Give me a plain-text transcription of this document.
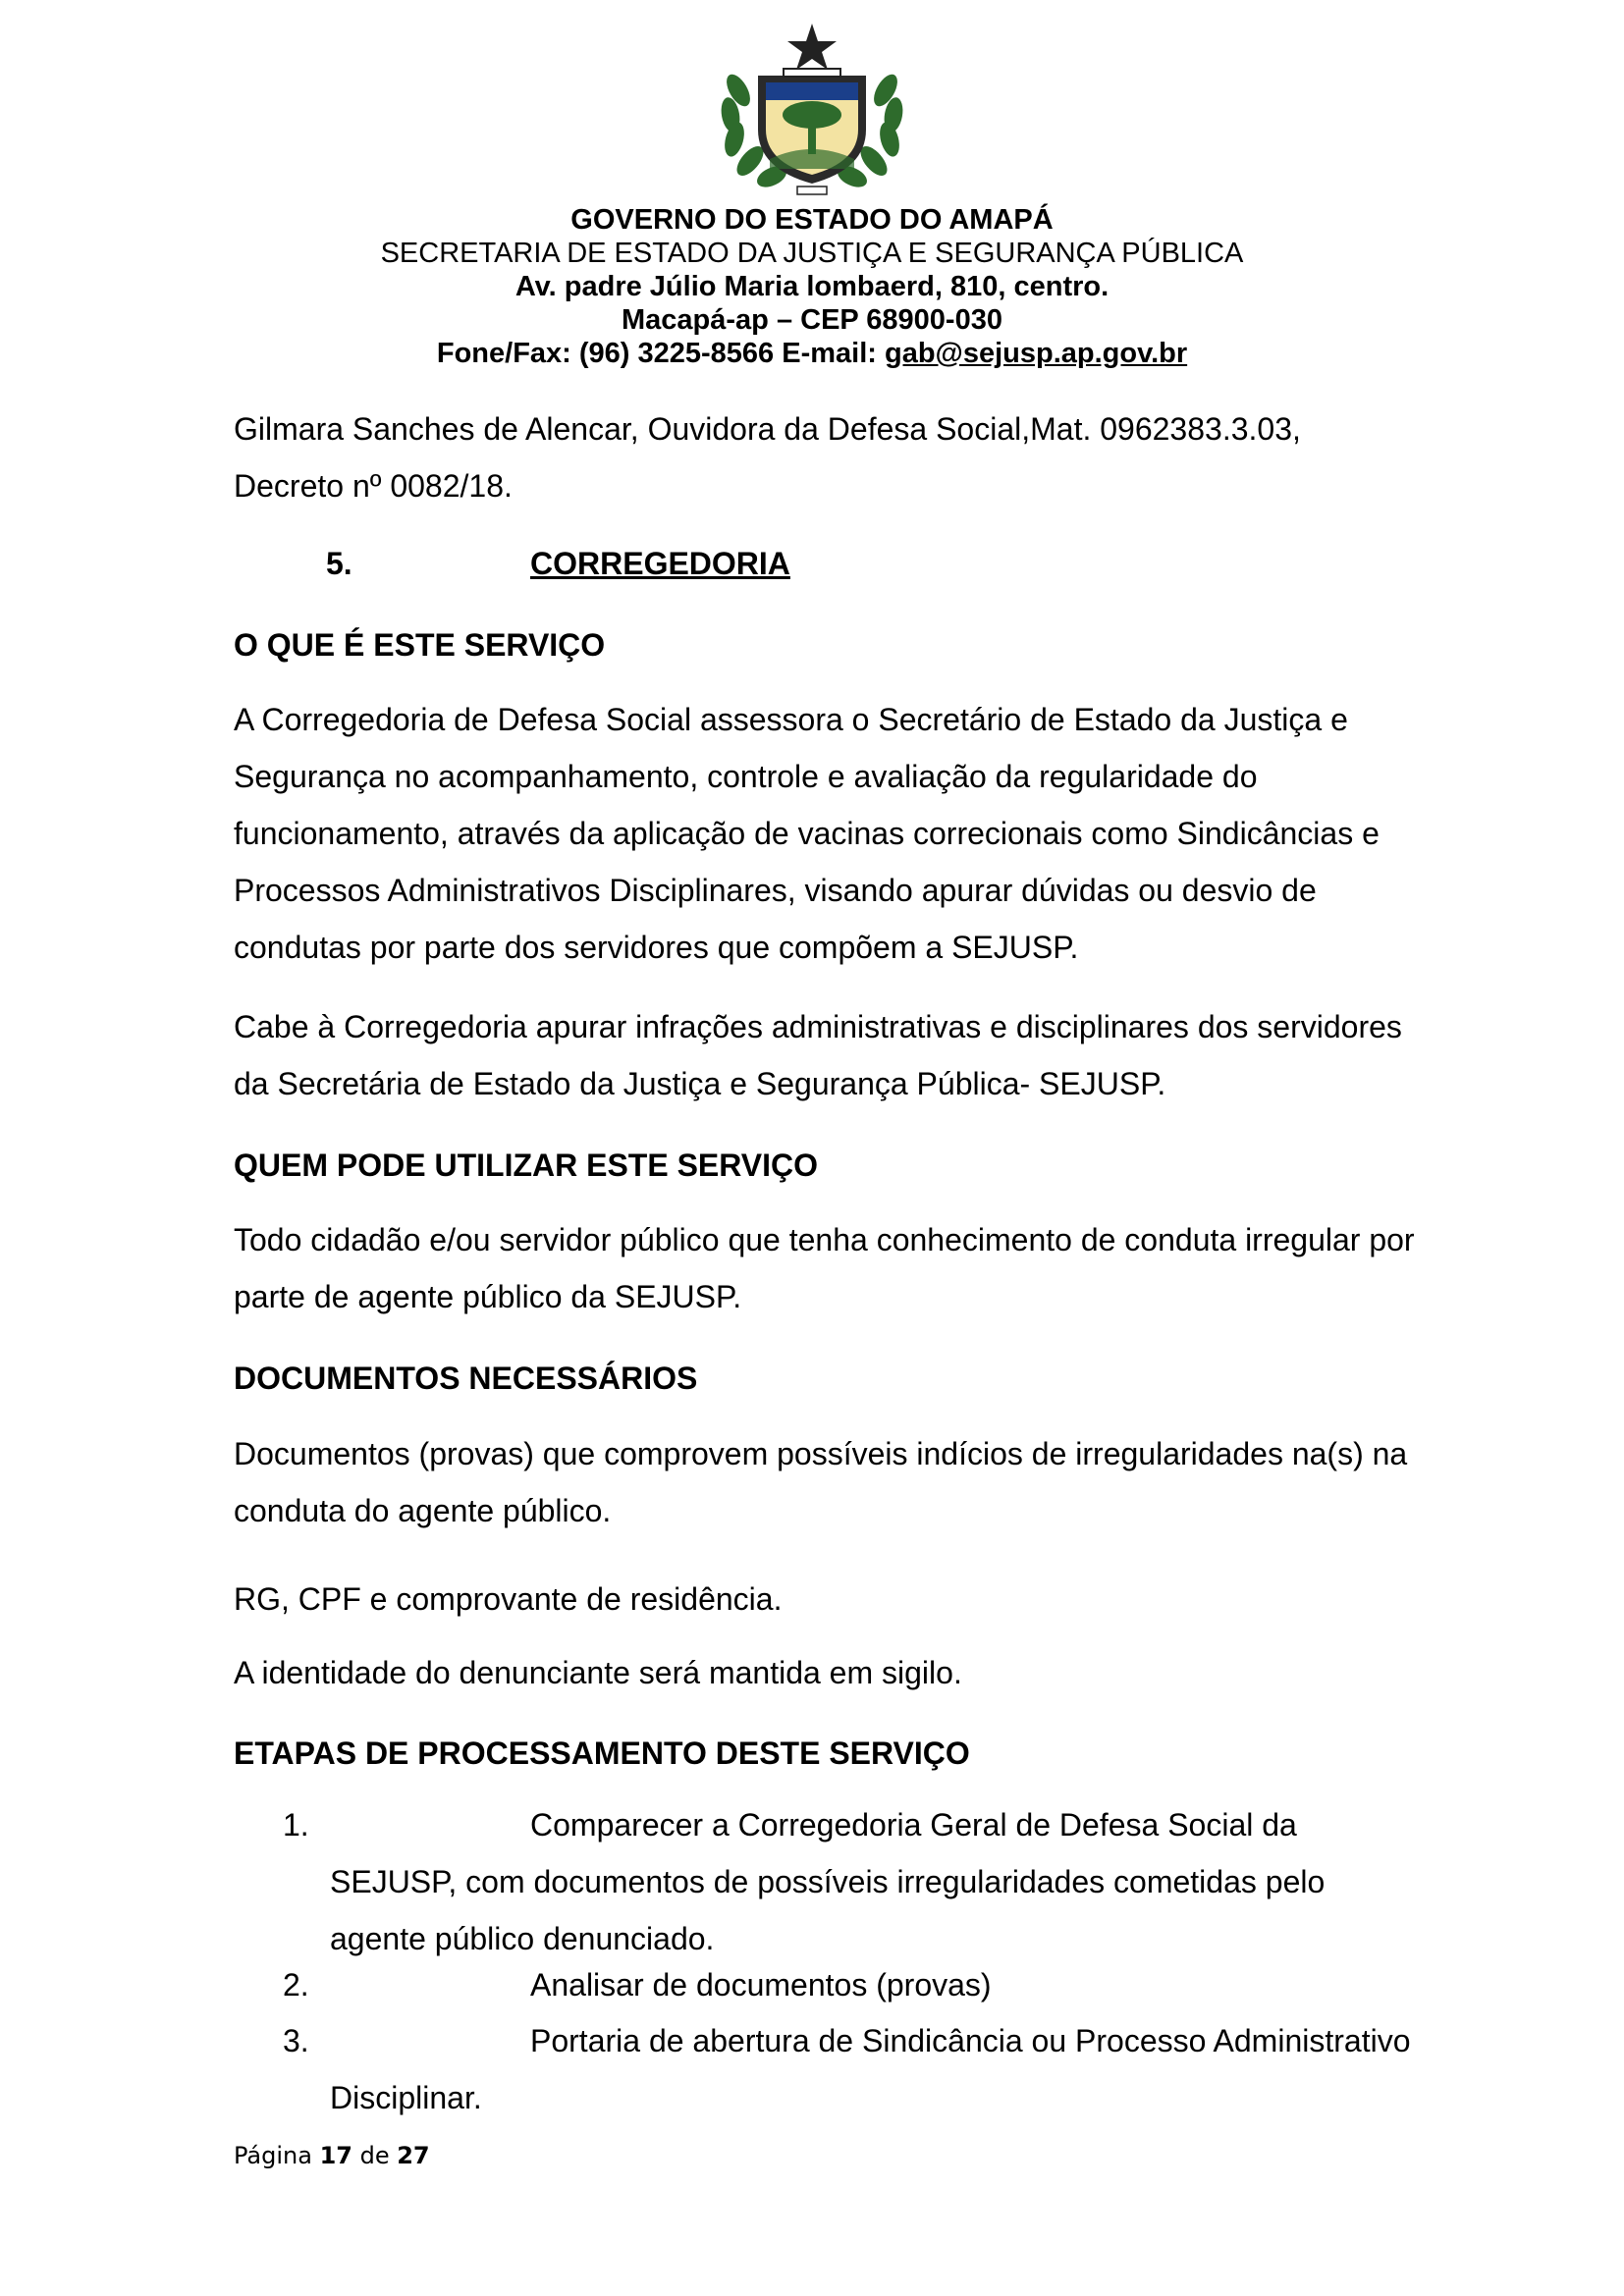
GOVERNO DO ESTADO DO AMAPÁ
SECRETARIA DE ESTADO DA JUSTIÇA E SEGURANÇA PÚBLICA
Av. padre Júlio Maria lombaerd, 810, centro.
Macapá-ap – CEP 68900-030
Fone/Fax: (96) 3225-8566 E-mail: gab@sejusp.ap.gov.br
Gilmara Sanches de Alencar, Ouvidora da Defesa Social,Mat. 0962383.3.03,
Decreto nº 0082/18.
5.	CORREGEDORIA
O QUE É ESTE SERVIÇO
A Corregedoria de Defesa Social assessora o Secretário de Estado da Justiça e
Segurança no acompanhamento, controle e avaliação da regularidade do
funcionamento, através da aplicação de vacinas correcionais como Sindicâncias e
Processos Administrativos Disciplinares, visando apurar dúvidas ou desvio de
condutas por parte dos servidores que compõem a SEJUSP.
Cabe à Corregedoria apurar infrações administrativas e disciplinares dos servidores
da Secretária de Estado da Justiça e Segurança Pública- SEJUSP.
QUEM PODE UTILIZAR ESTE SERVIÇO
Todo cidadão e/ou servidor público que tenha conhecimento de conduta irregular por
parte de agente público da SEJUSP.
DOCUMENTOS NECESSÁRIOS
Documentos (provas) que comprovem possíveis indícios de irregularidades na(s) na
conduta do agente público.
RG, CPF e comprovante de residência.
A identidade do denunciante será mantida em sigilo.
ETAPAS DE PROCESSAMENTO DESTE SERVIÇO
1.	Comparecer a Corregedoria Geral de Defesa Social da
SEJUSP, com documentos de possíveis irregularidades cometidas pelo
agente público denunciado.
2.	Analisar de documentos (provas)
3.	Portaria de abertura de Sindicância ou Processo Administrativo
Disciplinar.
Página 17 de 27
